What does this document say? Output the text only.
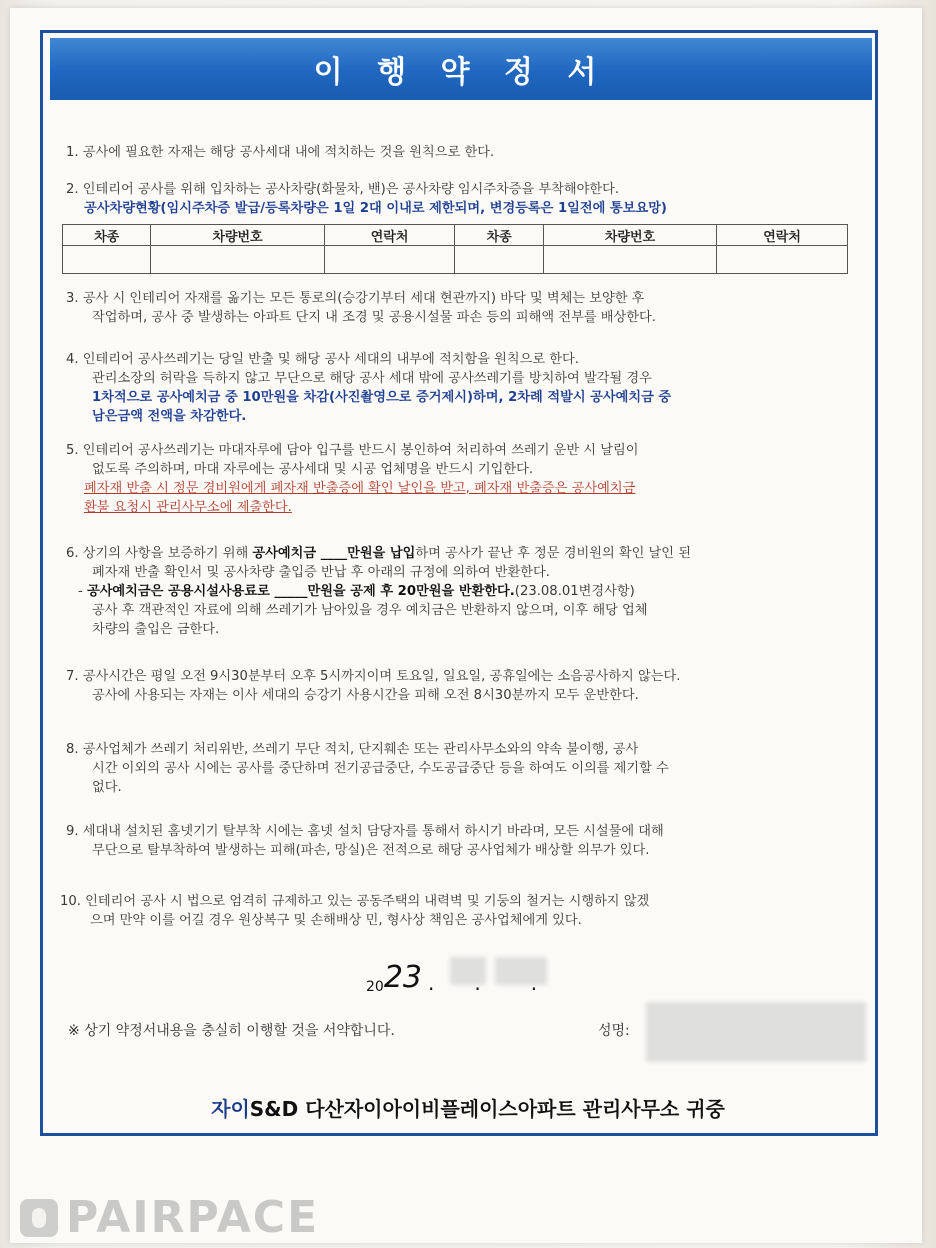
이 행 약 정 서
1. 공사에 필요한 자재는 해당 공사세대 내에 적치하는 것을 원칙으로 한다.
2. 인테리어 공사를 위해 입차하는 공사차량(화물차, 밴)은 공사차량 임시주차증을 부착해야한다.
공사차량현황(임시주차증 발급/등록차량은 1일 2대 이내로 제한되며, 변경등록은 1일전에 통보요망)
차종	차량번호	연락처	차종	차량번호	연락처

3. 공사 시 인테리어 자재를 옮기는 모든 통로의(승강기부터 세대 현관까지) 바닥 및 벽체는 보양한 후
작업하며, 공사 중 발생하는 아파트 단지 내 조경 및 공용시설물 파손 등의 피해액 전부를 배상한다.
4. 인테리어 공사쓰레기는 당일 반출 및 해당 공사 세대의 내부에 적치함을 원칙으로 한다.
관리소장의 허락을 득하지 않고 무단으로 해당 공사 세대 밖에 공사쓰레기를 방치하여 발각될 경우
1차적으로 공사예치금 중 10만원을 차감(사진촬영으로 증거제시)하며, 2차례 적발시 공사예치금 중
남은금액 전액을 차감한다.
5. 인테리어 공사쓰레기는 마대자루에 담아 입구를 반드시 봉인하여 처리하여 쓰레기 운반 시 날림이
없도록 주의하며, 마대 자루에는 공사세대 및 시공 업체명을 반드시 기입한다.
폐자재 반출 시 정문 경비원에게 폐자재 반출증에 확인 날인을 받고, 폐자재 반출증은 공사예치금
환불 요청시 관리사무소에 제출한다.
6. 상기의 사항을 보증하기 위해 공사예치금 ____만원을 납입하며 공사가 끝난 후 정문 경비원의 확인 날인 된
폐자재 반출 확인서 및 공사차량 출입증 반납 후 아래의 규정에 의하여 반환한다.
- 공사예치금은 공용시설사용료로 _____만원을 공제 후 20만원을 반환한다.(23.08.01변경사항)
공사 후 객관적인 자료에 의해 쓰레기가 남아있을 경우 예치금은 반환하지 않으며, 이후 해당 업체
차량의 출입은 금한다.
7. 공사시간은 평일 오전 9시30분부터 오후 5시까지이며 토요일, 일요일, 공휴일에는 소음공사하지 않는다.
공사에 사용되는 자재는 이사 세대의 승강기 사용시간을 피해 오전 8시30분까지 모두 운반한다.
8. 공사업체가 쓰레기 처리위반, 쓰레기 무단 적치, 단지훼손 또는 관리사무소와의 약속 불이행, 공사
시간 이외의 공사 시에는 공사를 중단하며 전기공급중단, 수도공급중단 등을 하여도 이의를 제기할 수
없다.
9. 세대내 설치된 홈넷기기 탈부착 시에는 홈넷 설치 담당자를 통해서 하시기 바라며, 모든 시설물에 대해
무단으로 탈부착하여 발생하는 피해(파손, 망실)은 전적으로 해당 공사업체가 배상할 의무가 있다.
10. 인테리어 공사 시 법으로 엄격히 규제하고 있는 공동주택의 내력벽 및 기둥의 철거는 시행하지 않겠
으며 만약 이를 어길 경우 원상복구 및 손해배상 민, 형사상 책임은 공사업체에게 있다.
20 23 .
※ 상기 약정서내용을 충실히 이행할 것을 서약합니다.	성명:
자이S&D 다산자이아이비플레이스아파트 관리사무소 귀중
PAIRPACE
